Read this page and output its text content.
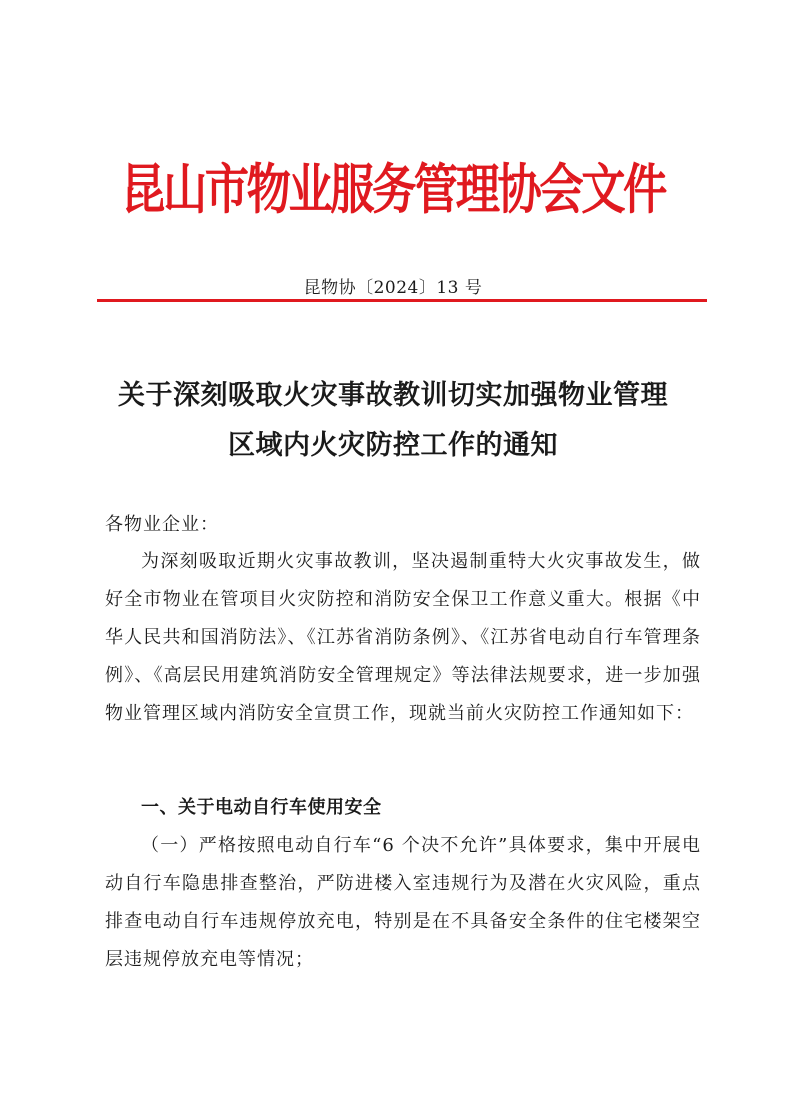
昆山市物业服务管理协会文件
昆物协〔2024〕13 号
关于深刻吸取火灾事故教训切实加强物业管理
区域内火灾防控工作的通知
各物业企业：
为深刻吸取近期火灾事故教训，坚决遏制重特大火灾事故发生，做好全市物业在管项目火灾防控和消防安全保卫工作意义重大。根据《中华人民共和国消防法》、《江苏省消防条例》、《江苏省电动自行车管理条例》、《高层民用建筑消防安全管理规定》等法律法规要求，进一步加强物业管理区域内消防安全宣贯工作，现就当前火灾防控工作通知如下：
一、关于电动自行车使用安全
（一）严格按照电动自行车“6 个决不允许”具体要求，集中开展电动自行车隐患排查整治，严防进楼入室违规行为及潜在火灾风险，重点排查电动自行车违规停放充电，特别是在不具备安全条件的住宅楼架空层违规停放充电等情况；
